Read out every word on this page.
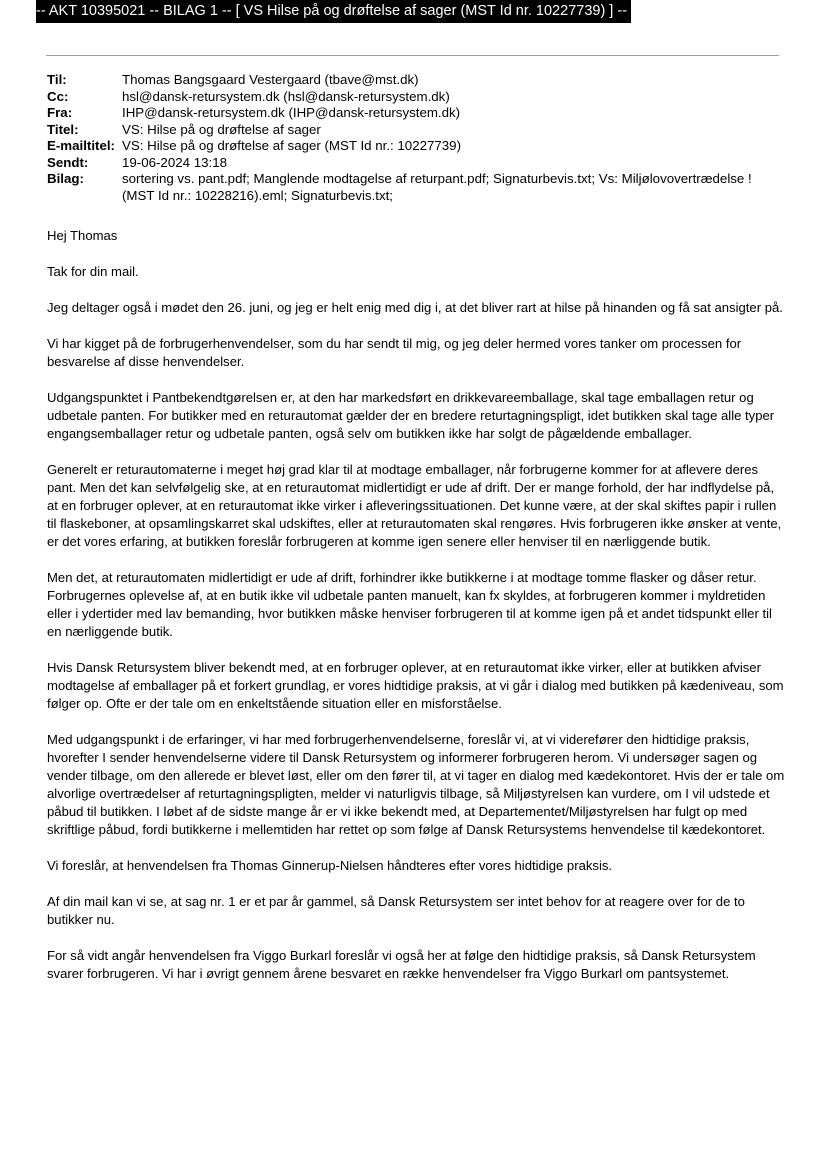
-- AKT 10395021 -- BILAG 1 -- [ VS Hilse på og drøftelse af sager (MST Id nr. 10227739) ] --
Til:	Thomas Bangsgaard Vestergaard (tbave@mst.dk)
Cc:	hsl@dansk-retursystem.dk (hsl@dansk-retursystem.dk)
Fra:	IHP@dansk-retursystem.dk (IHP@dansk-retursystem.dk)
Titel:	VS: Hilse på og drøftelse af sager
E-mailtitel: VS: Hilse på og drøftelse af sager (MST Id nr.: 10227739)
Sendt:	19-06-2024 13:18
Bilag:	sortering vs. pant.pdf; Manglende modtagelse af returpant.pdf; Signaturbevis.txt; Vs: Miljølovovertrædelse ! (MST Id nr.: 10228216).eml; Signaturbevis.txt;

Hej Thomas

Tak for din mail.

Jeg deltager også i mødet den 26. juni, og jeg er helt enig med dig i, at det bliver rart at hilse på hinanden og få sat ansigter på.

Vi har kigget på de forbrugerhenvendelser, som du har sendt til mig, og jeg deler hermed vores tanker om processen for besvarelse af disse henvendelser.

Udgangspunktet i Pantbekendtgørelsen er, at den har markedsført en drikkevareemballage, skal tage emballagen retur og udbetale panten. For butikker med en returautomat gælder der en bredere returtagningspligt, idet butikken skal tage alle typer engangsemballager retur og udbetale panten, også selv om butikken ikke har solgt de pågældende emballager.

Generelt er returautomaterne i meget høj grad klar til at modtage emballager, når forbrugerne kommer for at aflevere deres pant. Men det kan selvfølgelig ske, at en returautomat midlertidigt er ude af drift. Der er mange forhold, der har indflydelse på, at en forbruger oplever, at en returautomat ikke virker i afleveringssituationen. Det kunne være, at der skal skiftes papir i rullen til flaskeboner, at opsamlingskarret skal udskiftes, eller at returautomaten skal rengøres. Hvis forbrugeren ikke ønsker at vente, er det vores erfaring, at butikken foreslår forbrugeren at komme igen senere eller henviser til en nærliggende butik.

Men det, at returautomaten midlertidigt er ude af drift, forhindrer ikke butikkerne i at modtage tomme flasker og dåser retur. Forbrugernes oplevelse af, at en butik ikke vil udbetale panten manuelt, kan fx skyldes, at forbrugeren kommer i myldretiden eller i ydertider med lav bemanding, hvor butikken måske henviser forbrugeren til at komme igen på et andet tidspunkt eller til en nærliggende butik.

Hvis Dansk Retursystem bliver bekendt med, at en forbruger oplever, at en returautomat ikke virker, eller at butikken afviser modtagelse af emballager på et forkert grundlag, er vores hidtidige praksis, at vi går i dialog med butikken på kædeniveau, som følger op. Ofte er der tale om en enkeltstående situation eller en misforståelse.

Med udgangspunkt i de erfaringer, vi har med forbrugerhenvendelserne, foreslår vi, at vi viderefører den hidtidige praksis, hvorefter I sender henvendelserne videre til Dansk Retursystem og informerer forbrugeren herom. Vi undersøger sagen og vender tilbage, om den allerede er blevet løst, eller om den fører til, at vi tager en dialog med kædekontoret. Hvis der er tale om alvorlige overtrædelser af returtagningspligten, melder vi naturligvis tilbage, så Miljøstyrelsen kan vurdere, om I vil udstede et påbud til butikken. I løbet af de sidste mange år er vi ikke bekendt med, at Departementet/Miljøstyrelsen har fulgt op med skriftlige påbud, fordi butikkerne i mellemtiden har rettet op som følge af Dansk Retursystems henvendelse til kædekontoret.

Vi foreslår, at henvendelsen fra Thomas Ginnerup-Nielsen håndteres efter vores hidtidige praksis.

Af din mail kan vi se, at sag nr. 1 er et par år gammel, så Dansk Retursystem ser intet behov for at reagere over for de to butikker nu.

For så vidt angår henvendelsen fra Viggo Burkarl foreslår vi også her at følge den hidtidige praksis, så Dansk Retursystem svarer forbrugeren. Vi har i øvrigt gennem årene besvaret en række henvendelser fra Viggo Burkarl om pantsystemet.
